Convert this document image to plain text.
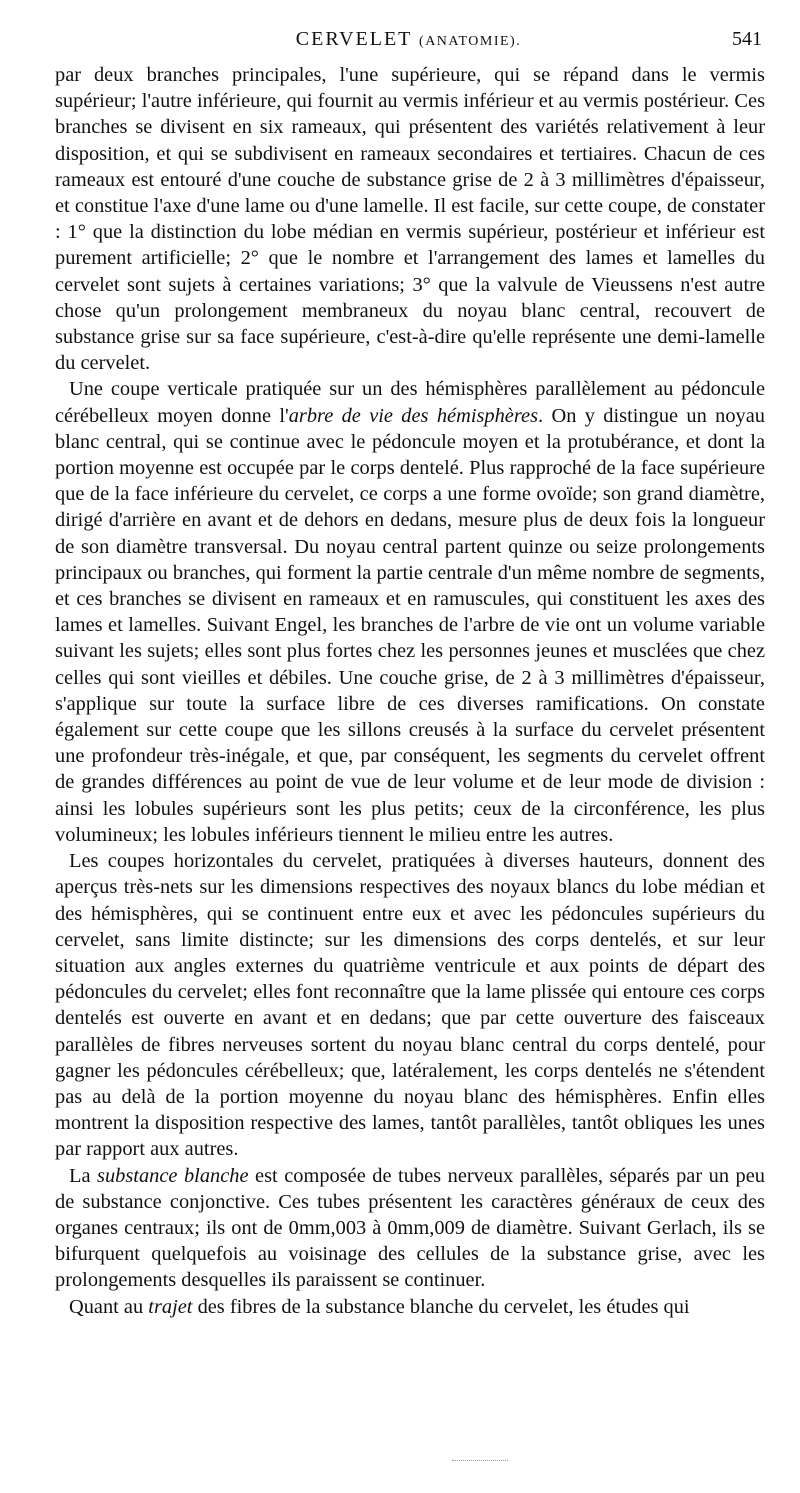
CERVELET (ANATOMIE).	541

par deux branches principales, l'une supérieure, qui se répand dans le vermis supérieur; l'autre inférieure, qui fournit au vermis inférieur et au vermis postérieur. Ces branches se divisent en six rameaux, qui présentent des variétés relativement à leur disposition, et qui se subdivisent en rameaux secondaires et tertiaires. Chacun de ces rameaux est entouré d'une couche de substance grise de 2 à 3 millimètres d'épaisseur, et constitue l'axe d'une lame ou d'une lamelle. Il est facile, sur cette coupe, de constater : 1° que la distinction du lobe médian en vermis supérieur, postérieur et inférieur est purement artificielle; 2° que le nombre et l'arrangement des lames et lamelles du cervelet sont sujets à certaines variations; 3° que la valvule de Vieussens n'est autre chose qu'un prolongement membraneux du noyau blanc central, recouvert de substance grise sur sa face supérieure, c'est-à-dire qu'elle représente une demi-lamelle du cervelet.

Une coupe verticale pratiquée sur un des hémisphères parallèlement au pédoncule cérébelleux moyen donne l'arbre de vie des hémisphères. On y distingue un noyau blanc central, qui se continue avec le pédoncule moyen et la protubérance, et dont la portion moyenne est occupée par le corps dentelé. Plus rapproché de la face supérieure que de la face inférieure du cervelet, ce corps a une forme ovoïde; son grand diamètre, dirigé d'arrière en avant et de dehors en dedans, mesure plus de deux fois la longueur de son diamètre transversal. Du noyau central partent quinze ou seize prolongements principaux ou branches, qui forment la partie centrale d'un même nombre de segments, et ces branches se divisent en rameaux et en ramuscules, qui constituent les axes des lames et lamelles. Suivant Engel, les branches de l'arbre de vie ont un volume variable suivant les sujets; elles sont plus fortes chez les personnes jeunes et musclées que chez celles qui sont vieilles et débiles. Une couche grise, de 2 à 3 millimètres d'épaisseur, s'applique sur toute la surface libre de ces diverses ramifications. On constate également sur cette coupe que les sillons creusés à la surface du cervelet présentent une profondeur très-inégale, et que, par conséquent, les segments du cervelet offrent de grandes différences au point de vue de leur volume et de leur mode de division : ainsi les lobules supérieurs sont les plus petits; ceux de la circonférence, les plus volumineux; les lobules inférieurs tiennent le milieu entre les autres.

Les coupes horizontales du cervelet, pratiquées à diverses hauteurs, donnent des aperçus très-nets sur les dimensions respectives des noyaux blancs du lobe médian et des hémisphères, qui se continuent entre eux et avec les pédoncules supérieurs du cervelet, sans limite distincte; sur les dimensions des corps dentelés, et sur leur situation aux angles externes du quatrième ventricule et aux points de départ des pédoncules du cervelet; elles font reconnaître que la lame plissée qui entoure ces corps dentelés est ouverte en avant et en dedans; que par cette ouverture des faisceaux parallèles de fibres nerveuses sortent du noyau blanc central du corps dentelé, pour gagner les pédoncules cérébelleux; que, latéralement, les corps dentelés ne s'étendent pas au delà de la portion moyenne du noyau blanc des hémisphères. Enfin elles montrent la disposition respective des lames, tantôt parallèles, tantôt obliques les unes par rapport aux autres.

La substance blanche est composée de tubes nerveux parallèles, séparés par un peu de substance conjonctive. Ces tubes présentent les caractères généraux de ceux des organes centraux; ils ont de 0mm,003 à 0mm,009 de diamètre. Suivant Gerlach, ils se bifurquent quelquefois au voisinage des cellules de la substance grise, avec les prolongements desquelles ils paraissent se continuer.

Quant au trajet des fibres de la substance blanche du cervelet, les études qui
